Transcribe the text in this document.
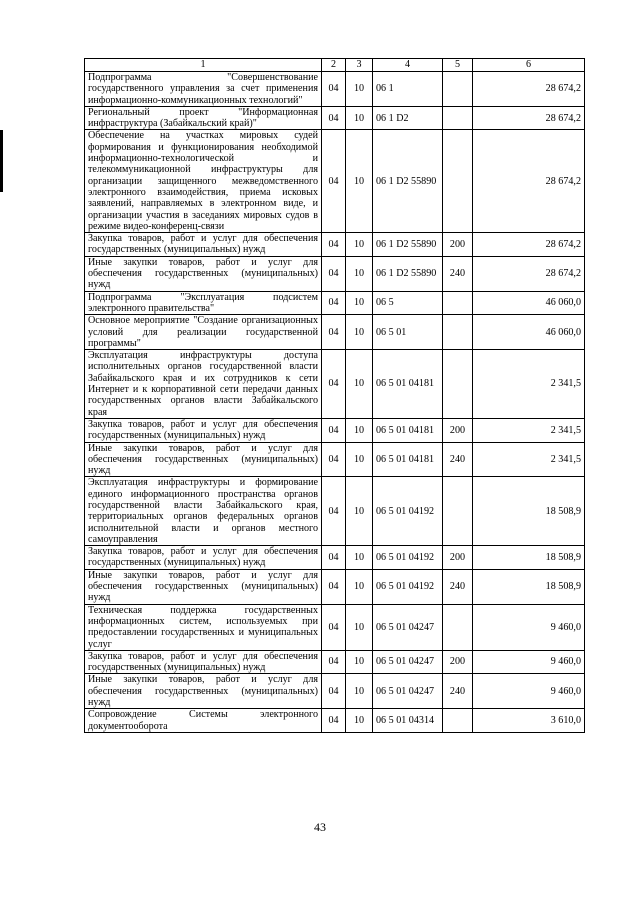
1	2	3	4	5	6
Подпрограмма "Совершенствование государственного управления за счет применения информационно-коммуникационных технологий"	04	10	06 1		28 674,2
Региональный проект "Информационная инфраструктура (Забайкальский край)"	04	10	06 1 D2		28 674,2
Обеспечение на участках мировых судей формирования и функционирования необходимой информационно-технологической и телекоммуникационной инфраструктуры для организации защищенного межведомственного электронного взаимодействия, приема исковых заявлений, направляемых в электронном виде, и организации участия в заседаниях мировых судов в режиме видео-конференц-связи	04	10	06 1 D2 55890		28 674,2
Закупка товаров, работ и услуг для обеспечения государственных (муниципальных) нужд	04	10	06 1 D2 55890	200	28 674,2
Иные закупки товаров, работ и услуг для обеспечения государственных (муниципальных) нужд	04	10	06 1 D2 55890	240	28 674,2
Подпрограмма "Эксплуатация подсистем электронного правительства"	04	10	06 5		46 060,0
Основное мероприятие "Создание организационных условий для реализации государственной программы"	04	10	06 5 01		46 060,0
Эксплуатация инфраструктуры доступа исполнительных органов государственной власти Забайкальского края и их сотрудников к сети Интернет и к корпоративной сети передачи данных государственных органов власти Забайкальского края	04	10	06 5 01 04181		2 341,5
Закупка товаров, работ и услуг для обеспечения государственных (муниципальных) нужд	04	10	06 5 01 04181	200	2 341,5
Иные закупки товаров, работ и услуг для обеспечения государственных (муниципальных) нужд	04	10	06 5 01 04181	240	2 341,5
Эксплуатация инфраструктуры и формирование единого информационного пространства органов государственной власти Забайкальского края, территориальных органов федеральных органов исполнительной власти и органов местного самоуправления	04	10	06 5 01 04192		18 508,9
Закупка товаров, работ и услуг для обеспечения государственных (муниципальных) нужд	04	10	06 5 01 04192	200	18 508,9
Иные закупки товаров, работ и услуг для обеспечения государственных (муниципальных) нужд	04	10	06 5 01 04192	240	18 508,9
Техническая поддержка государственных информационных систем, используемых при предоставлении государственных и муниципальных услуг	04	10	06 5 01 04247		9 460,0
Закупка товаров, работ и услуг для обеспечения государственных (муниципальных) нужд	04	10	06 5 01 04247	200	9 460,0
Иные закупки товаров, работ и услуг для обеспечения государственных (муниципальных) нужд	04	10	06 5 01 04247	240	9 460,0
Сопровождение Системы электронного документооборота	04	10	06 5 01 04314		3 610,0
43
